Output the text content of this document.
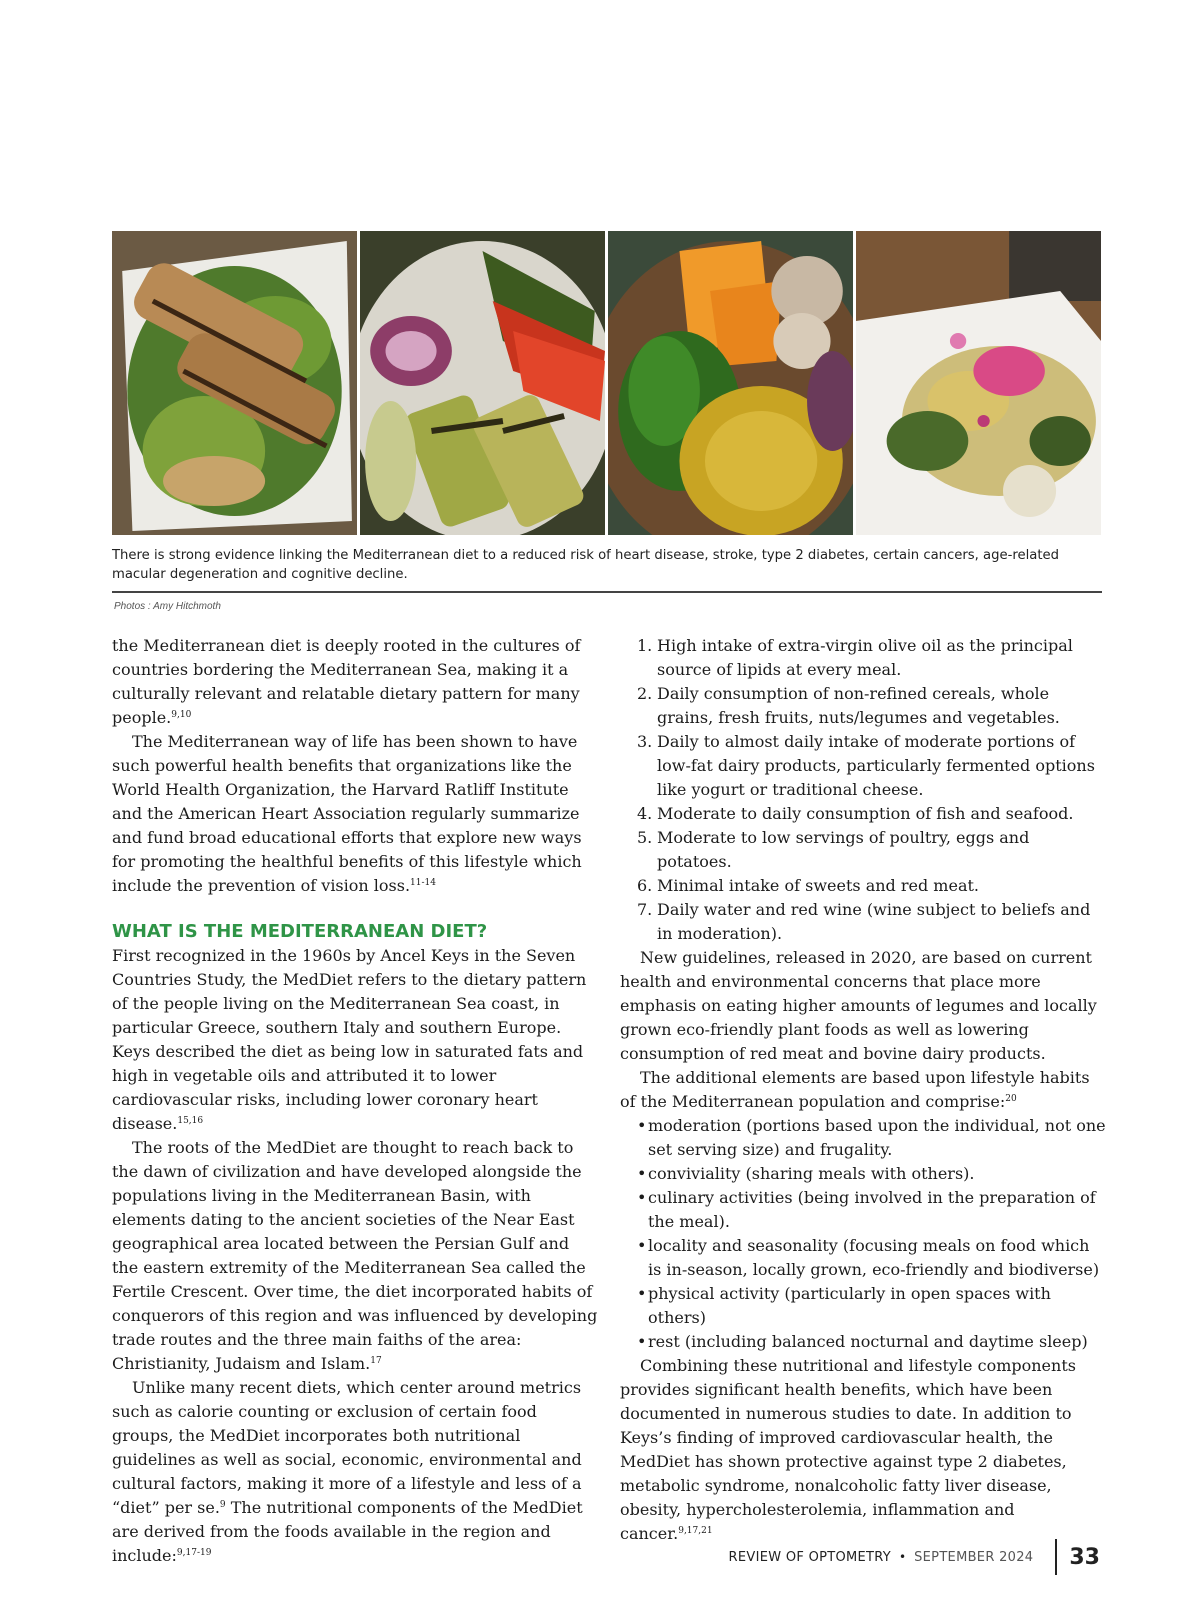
There is strong evidence linking the Mediterranean diet to a reduced risk of heart disease, stroke, type 2 diabetes, certain cancers, age-related macular degeneration and cognitive decline.
Photos : Amy Hitchmoth

the Mediterranean diet is deeply rooted in the cultures of countries bordering the Mediterranean Sea, making it a culturally relevant and relatable dietary pattern for many people.$^{9,10}$

The Mediterranean way of life has been shown to have such powerful health benefits that organizations like the World Health Organization, the Harvard Ratliff Institute and the American Heart Association regularly summarize and fund broad educational efforts that explore new ways for promoting the healthful benefits of this lifestyle which include the prevention of vision loss.$^{11-14}$

WHAT IS THE MEDITERRANEAN DIET?

First recognized in the 1960s by Ancel Keys in the Seven Countries Study, the MedDiet refers to the dietary pattern of the people living on the Mediterranean Sea coast, in particular Greece, southern Italy and southern Europe. Keys described the diet as being low in saturated fats and high in vegetable oils and attributed it to lower cardiovascular risks, including lower coronary heart disease.$^{15,16}$

The roots of the MedDiet are thought to reach back to the dawn of civilization and have developed alongside the populations living in the Mediterranean Basin, with elements dating to the ancient societies of the Near East geographical area located between the Persian Gulf and the eastern extremity of the Mediterranean Sea called the Fertile Crescent. Over time, the diet incorporated habits of conquerors of this region and was influenced by developing trade routes and the three main faiths of the area: Christianity, Judaism and Islam.$^{17}$

Unlike many recent diets, which center around metrics such as calorie counting or exclusion of certain food groups, the MedDiet incorporates both nutritional guidelines as well as social, economic, environmental and cultural factors, making it more of a lifestyle and less of a “diet” per se.$^9$ The nutritional components of the MedDiet are derived from the foods available in the region and include:$^{9,17-19}$

1. High intake of extra-virgin olive oil as the principal source of lipids at every meal.
2. Daily consumption of non-refined cereals, whole grains, fresh fruits, nuts/legumes and vegetables.
3. Daily to almost daily intake of moderate portions of low-fat dairy products, particularly fermented options like yogurt or traditional cheese.
4. Moderate to daily consumption of fish and seafood.
5. Moderate to low servings of poultry, eggs and potatoes.
6. Minimal intake of sweets and red meat.
7. Daily water and red wine (wine subject to beliefs and in moderation).

New guidelines, released in 2020, are based on current health and environmental concerns that place more emphasis on eating higher amounts of legumes and locally grown eco-friendly plant foods as well as lowering consumption of red meat and bovine dairy products.

The additional elements are based upon lifestyle habits of the Mediterranean population and comprise:$^{20}$

• moderation (portions based upon the individual, not one set serving size) and frugality.
• conviviality (sharing meals with others).
• culinary activities (being involved in the preparation of the meal).
• locality and seasonality (focusing meals on food which is in-season, locally grown, eco-friendly and biodiverse)
• physical activity (particularly in open spaces with others)
• rest (including balanced nocturnal and daytime sleep)

Combining these nutritional and lifestyle components provides significant health benefits, which have been documented in numerous studies to date. In addition to Keys’s finding of improved cardiovascular health, the MedDiet has shown protective against type 2 diabetes, metabolic syndrome, nonalcoholic fatty liver disease, obesity, hypercholesterolemia, inflammation and cancer.$^{9,17,21}$

REVIEW OF OPTOMETRY • SEPTEMBER 2024 33
